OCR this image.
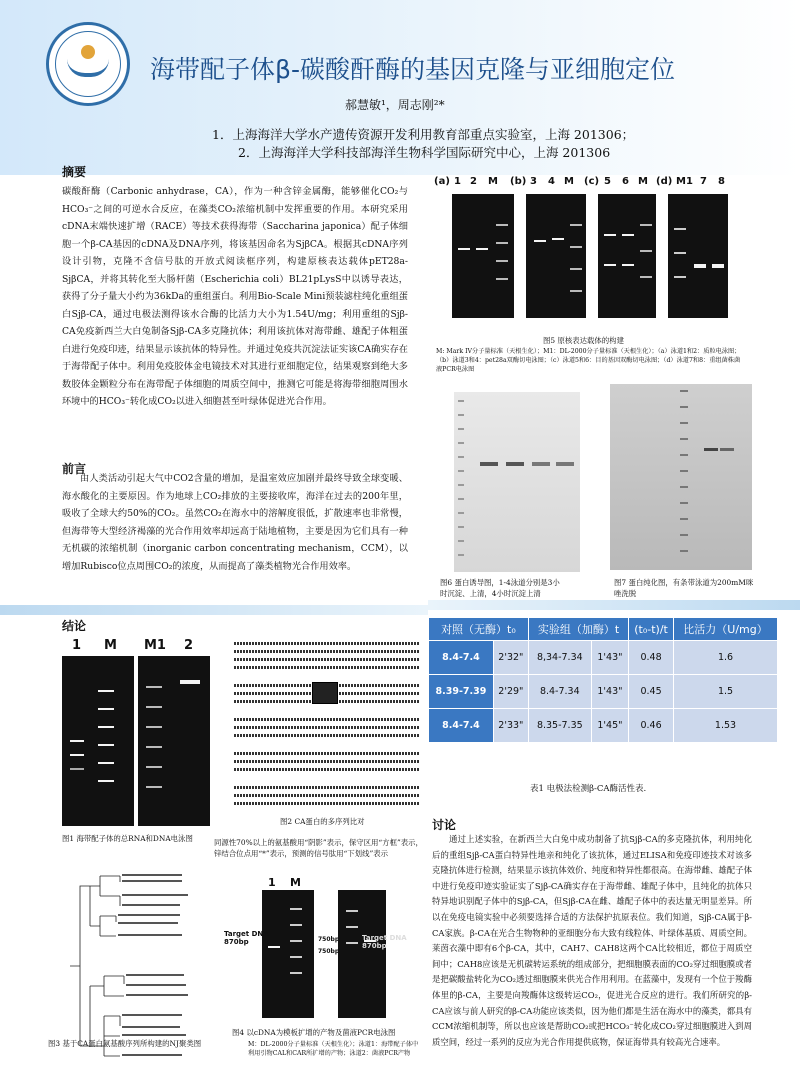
海带配子体β-碳酸酐酶的基因克隆与亚细胞定位
郝慧敏¹，周志刚²*
1．上海海洋大学水产遗传资源开发利用教育部重点实验室，上海 201306；
2．上海海洋大学科技部海洋生物科学国际研究中心，上海 201306
摘要
碳酸酐酶（Carbonic anhydrase，CA），作为一种含锌金属酶，能够催化CO₂与HCO₃⁻之间的可逆水合反应，在藻类CO₂浓缩机制中发挥重要的作用。本研究采用cDNA末端快速扩增（RACE）等技术获得海带（Saccharina japonica）配子体细胞一个β-CA基因的cDNA及DNA序列，将该基因命名为SjβCA。根据其cDNA序列设计引物，克隆不含信号肽的开放式阅读框序列，构建原核表达载体pET28a-SjβCA，并将其转化至大肠杆菌（Escherichia coli）BL21pLysS中以诱导表达，获得了分子量大小约为36kDa的重组蛋白。利用Bio-Scale Mini预装滤柱纯化重组蛋白Sjβ-CA，通过电极法测得该水合酶的比活力大小为1.54U/mg；利用重组的Sjβ-CA免疫新西兰大白兔制备Sjβ-CA多克隆抗体；利用该抗体对海带雌、雄配子体粗蛋白进行免疫印迹，结果显示该抗体的特异性。并通过免疫共沉淀法证实该CA确实存在于海带配子体中。利用免疫胶体金电镜技术对其进行亚细胞定位，结果观察到绝大多数胶体金颗粒分布在海带配子体细胞的周质空间中，推测它可能是将海带细胞周围水环境中的HCO₃⁻转化成CO₂以进入细胞甚至叶绿体促进光合作用。
前言
由人类活动引起大气中CO2含量的增加，是温室效应加剧并最终导致全球变暖、海水酸化的主要原因。作为地球上CO₂排放的主要接收库，海洋在过去的200年里，吸收了全球大约50%的CO₂。虽然CO₂在海水中的溶解度很低，扩散速率也非常慢，但海带等大型经济褐藻的光合作用效率却远高于陆地植物，主要是因为它们具有一种无机碳的浓缩机制（inorganic carbon concentrating mechanism，CCM），以增加Rubisco位点周围CO₂的浓度，从而提高了藻类植物光合作用效率。
(a) 1 2 M (b) 3 4 M (c) 5 6 M (d) M1 7 8
图5 原核表达载体的构建
M: Mark IV分子量标准（天根生化）；M1：DL-2000分子量标准（天根生化）；（a）泳道1和2：质粒电泳图；（b）泳道3和4：pet28a双酶切电泳图；（c）泳道5和6：目的基因双酶切电泳图；（d）泳道7和8：重组菌株菌液PCR电泳图
图6 蛋白诱导图，1-4泳道分别是3小时沉淀、上清，4小时沉淀上清
图7 蛋白纯化图，有条带泳道为200mM咪唑洗脱
结论
1 M M1 2
图1 海带配子体的总RNA和DNA电泳图
图2 CA蛋白的多序列比对
同源性70%以上的氨基酸用“阴影”表示，保守区用“方框”表示，锌结合位点用“*”表示，预测的信号肽用“下划线”表示
图3 基于CA蛋白氨基酸序列所构建的NJ聚类图
1 M
Target DNA
870bp	750bp
750bp
Target DNA
870bp
图4 以cDNA为模板扩增的产物及菌液PCR电泳图
M：DL-2000分子量标准（天根生化）；泳道1：海带配子体中利用引物CAL和CAR所扩增的产物；泳道2：菌液PCR产物
对照（无酶）t₀		实验组（加酶）t		(t₀-t)/t	比活力（U/mg）
8.4-7.4	2'32"	8,34-7.34	1'43"	0.48	1.6
8.39-7.39	2'29"	8.4-7.34	1'43"	0.45	1.5
8.4-7.4	2'33"	8.35-7.35	1'45"	0.46	1.53
表1 电极法检测β-CA酶活性表.
讨论
通过上述实验，在新西兰大白兔中成功制备了抗Sjβ-CA的多克隆抗体，利用纯化后的重组Sjβ-CA蛋白特异性地亲和纯化了该抗体，通过ELISA和免疫印迹技术对该多克隆抗体进行检测，结果显示该抗体效价、纯度和特异性都很高。在海带雌、雄配子体中进行免疫印迹实验证实了Sjβ-CA确实存在于海带雌、雄配子体中，且纯化的抗体只特异地识别配子体中的Sjβ-CA，但Sjβ-CA在雌、雄配子体中的表达量无明显差异。所以在免疫电镜实验中必须要选择合适的方法保护抗原表位。我们知道，Sjβ-CA属于β-CA家族。β-CA在光合生物物种的亚细胞分布大致有线粒体、叶绿体基质、周质空间。莱茵衣藻中即有6个β-CA，其中，CAH7、CAH8这两个CA比较相近，都位于周质空间中；CAH8应该是无机碳转运系统的组成部分，把细胞膜表面的CO₂穿过细胞膜或者是把碳酸盐转化为CO₂透过细胞膜来供光合作用利用。在蓝藻中，发现有一个位于羧酶体里的β-CA，主要是向羧酶体这级转运CO₂，促进光合反应的进行。我们所研究的β-CA应该与前人研究的β-CA功能应该类似，因为他们都是生活在海水中的藻类，都具有CCM浓缩机制等，所以也应该是帮助CO₂或把HCO₃⁻转化成CO₂穿过细胞膜进入到周质空间，经过一系列的反应为光合作用提供底物，保证海带具有较高光合速率。
